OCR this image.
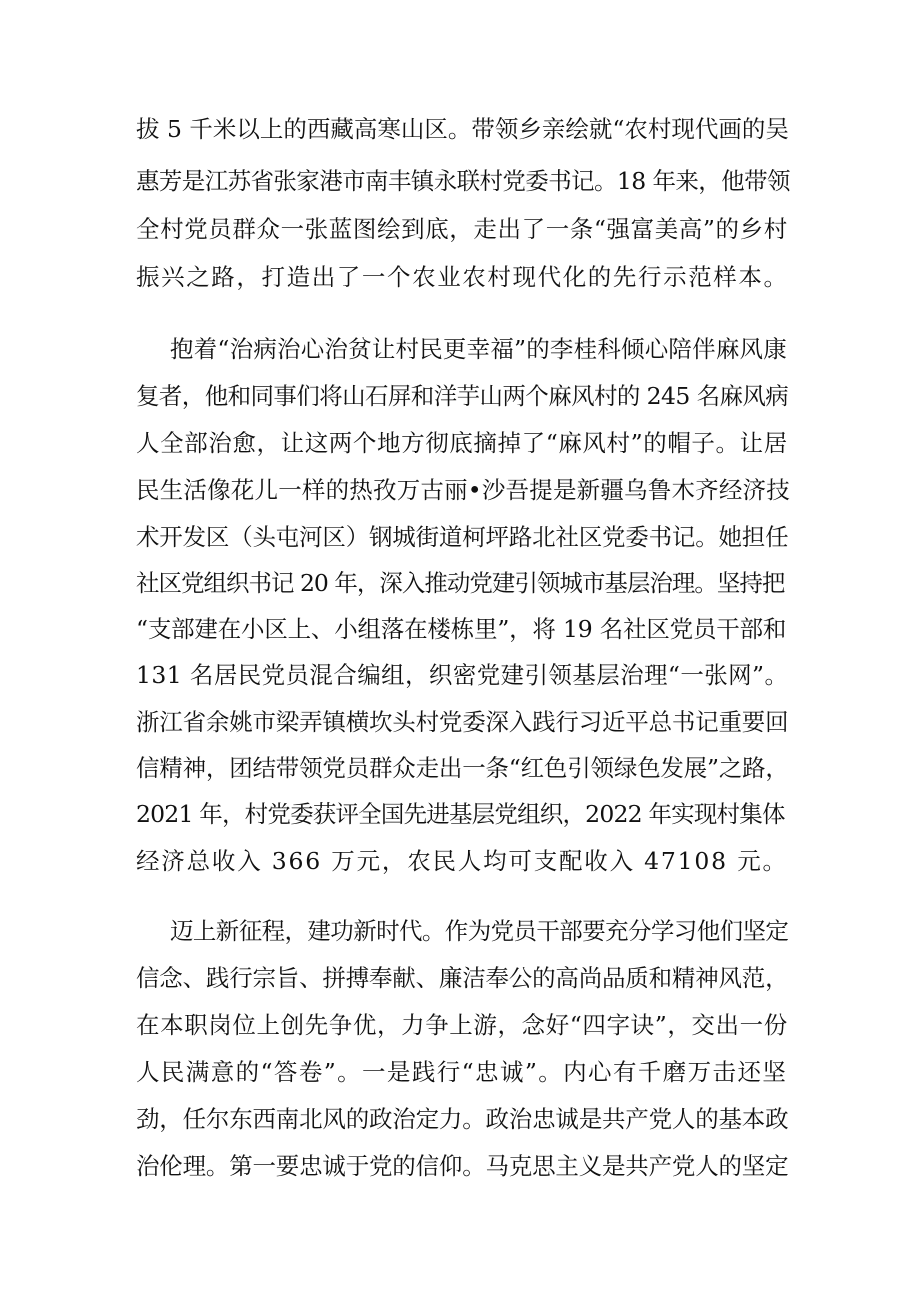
拔 5 千米以上的西藏高寒山区。带领乡亲绘就“农村现代画的吴
惠芳是江苏省张家港市南丰镇永联村党委书记。18 年来，他带领
全村党员群众一张蓝图绘到底，走出了一条“强富美高”的乡村
振兴之路，打造出了一个农业农村现代化的先行示范样本。
抱着“治病治心治贫让村民更幸福”的李桂科倾心陪伴麻风康
复者，他和同事们将山石屏和洋芋山两个麻风村的 245 名麻风病
人全部治愈，让这两个地方彻底摘掉了“麻风村”的帽子。让居
民生活像花儿一样的热孜万古丽•沙吾提是新疆乌鲁木齐经济技
术开发区（头屯河区）钢城街道柯坪路北社区党委书记。她担任
社区党组织书记 20 年，深入推动党建引领城市基层治理。坚持把
“支部建在小区上、小组落在楼栋里”，将 19 名社区党员干部和
131 名居民党员混合编组，织密党建引领基层治理“一张网”。
浙江省余姚市梁弄镇横坎头村党委深入践行习近平总书记重要回
信精神，团结带领党员群众走出一条“红色引领绿色发展”之路，
2021 年，村党委获评全国先进基层党组织，2022 年实现村集体
经济总收入 366 万元，农民人均可支配收入 47108 元。
迈上新征程，建功新时代。作为党员干部要充分学习他们坚定
信念、践行宗旨、拼搏奉献、廉洁奉公的高尚品质和精神风范，
在本职岗位上创先争优，力争上游，念好“四字诀”，交出一份
人民满意的“答卷”。一是践行“忠诚”。内心有千磨万击还坚
劲，任尔东西南北风的政治定力。政治忠诚是共产党人的基本政
治伦理。第一要忠诚于党的信仰。马克思主义是共产党人的坚定
